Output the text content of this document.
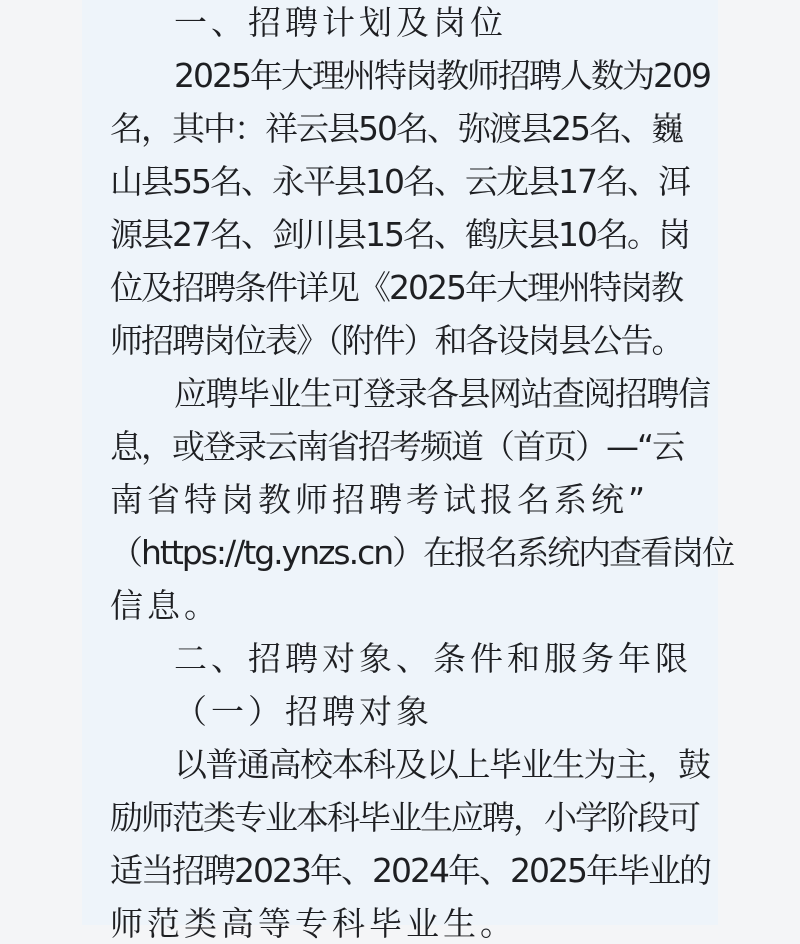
一、招聘计划及岗位

2025年大理州特岗教师招聘人数为209

名，其中：祥云县50名、弥渡县25名、巍

山县55名、永平县10名、云龙县17名、洱

源县27名、剑川县15名、鹤庆县10名。岗

位及招聘条件详见《2025年大理州特岗教

师招聘岗位表》（附件）和各设岗县公告。

应聘毕业生可登录各县网站查阅招聘信

息，或登录云南省招考频道（首页）—“云

南省特岗教师招聘考试报名系统”

（https://tg.ynzs.cn）在报名系统内查看岗位

信息。

二、招聘对象、条件和服务年限

（一）招聘对象

以普通高校本科及以上毕业生为主，鼓

励师范类专业本科毕业生应聘，小学阶段可

适当招聘2023年、2024年、2025年毕业的

师范类高等专科毕业生。
